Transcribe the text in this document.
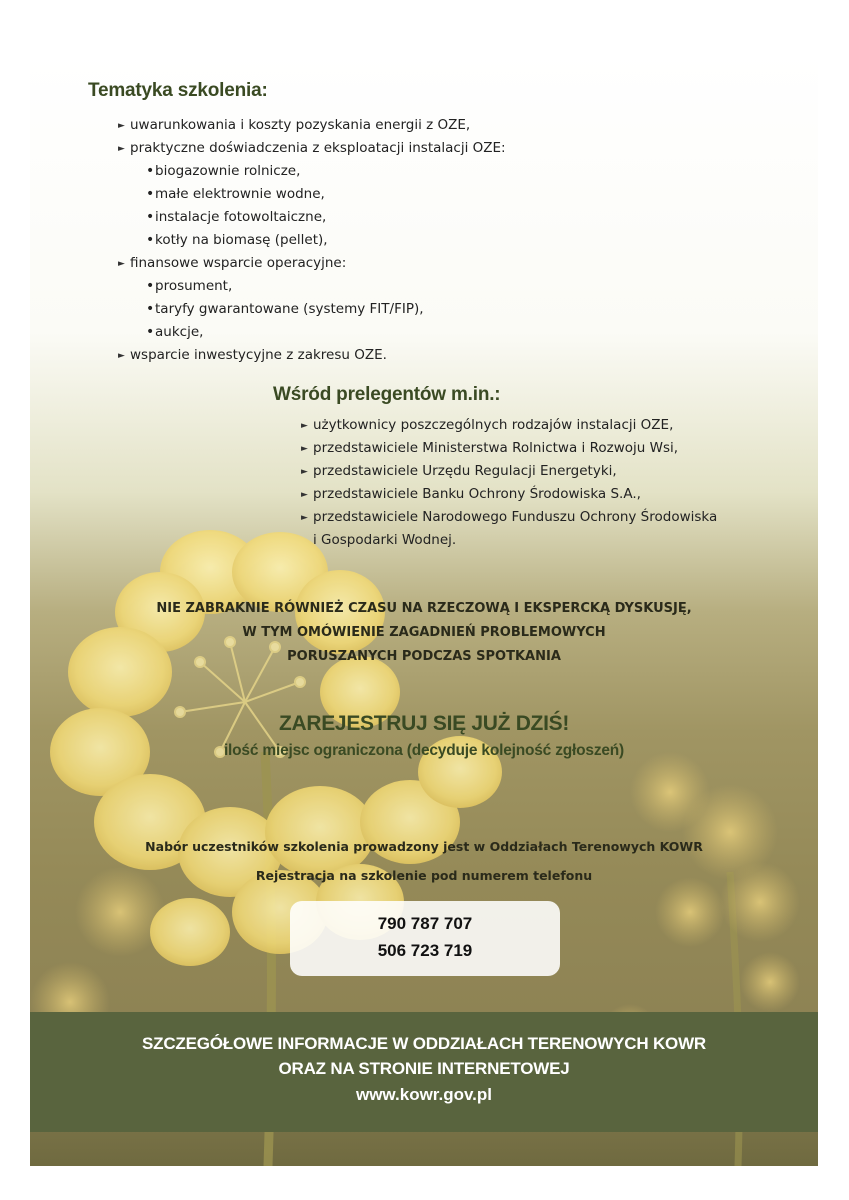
Tematyka szkolenia:
► uwarunkowania i koszty pozyskania energii z OZE,
► praktyczne doświadczenia z eksploatacji instalacji OZE:
•biogazownie rolnicze,
•małe elektrownie wodne,
•instalacje fotowoltaiczne,
•kotły na biomasę (pellet),
► finansowe wsparcie operacyjne:
•prosument,
•taryfy gwarantowane (systemy FIT/FIP),
•aukcje,
► wsparcie inwestycyjne z zakresu OZE.
Wśród prelegentów m.in.:
► użytkownicy poszczególnych rodzajów instalacji OZE,
► przedstawiciele Ministerstwa Rolnictwa i Rozwoju Wsi,
► przedstawiciele Urzędu Regulacji Energetyki,
► przedstawiciele Banku Ochrony Środowiska S.A.,
► przedstawiciele Narodowego Funduszu Ochrony Środowiska
i Gospodarki Wodnej.
NIE ZABRAKNIE RÓWNIEŻ CZASU NA RZECZOWĄ I EKSPERCKĄ DYSKUSJĘ,
W TYM OMÓWIENIE ZAGADNIEŃ PROBLEMOWYCH
PORUSZANYCH PODCZAS SPOTKANIA
ZAREJESTRUJ SIĘ JUŻ DZIŚ!
ilość miejsc ograniczona (decyduje kolejność zgłoszeń)
Nabór uczestników szkolenia prowadzony jest w Oddziałach Terenowych KOWR
Rejestracja na szkolenie pod numerem telefonu
790 787 707
506 723 719
SZCZEGÓŁOWE INFORMACJE W ODDZIAŁACH TERENOWYCH KOWR
ORAZ NA STRONIE INTERNETOWEJ
www.kowr.gov.pl
